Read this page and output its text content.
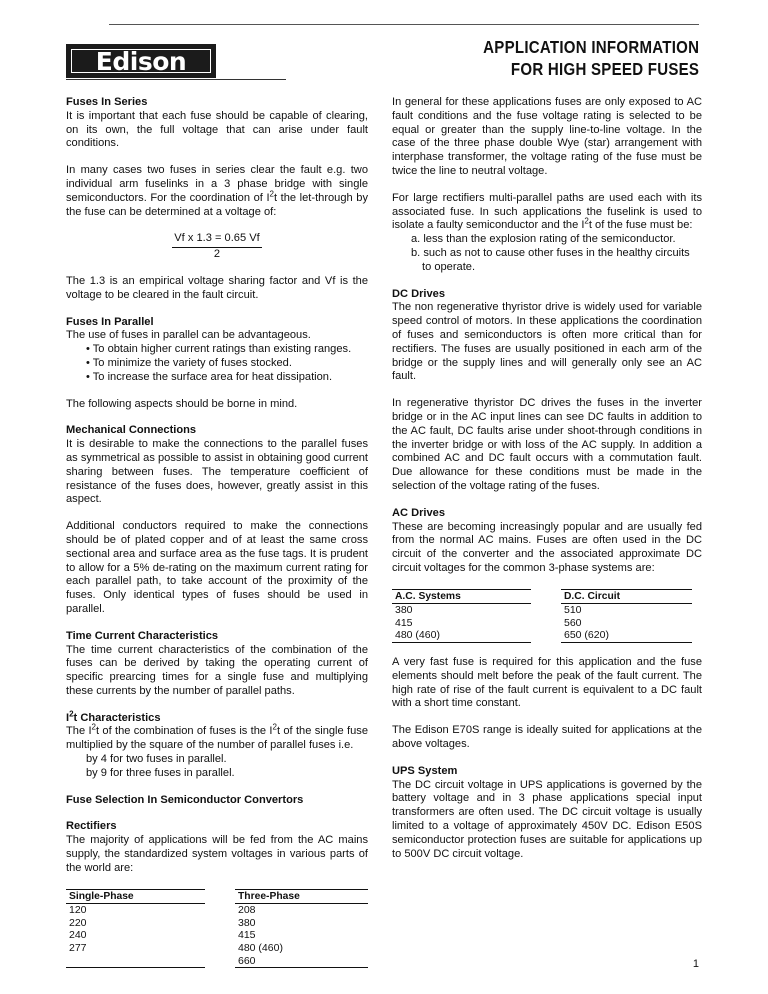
Edison	APPLICATION INFORMATION
FOR HIGH SPEED FUSES
Fuses In Series

It is important that each fuse should be capable of clearing, on its own, the full voltage that can arise under fault conditions.

In many cases two fuses in series clear the fault e.g. two individual arm fuselinks in a 3 phase bridge with single semiconductors. For the coordination of $I^2t$ the let-through by the fuse can be determined at a voltage of:

$\frac{\text{Vf x 1.3 = 0.65 Vf}}{2}$

The 1.3 is an empirical voltage sharing factor and Vf is the voltage to be cleared in the fault circuit.

Fuses In Parallel
The use of fuses in parallel can be advantageous.
• To obtain higher current ratings than existing ranges.
• To minimize the variety of fuses stocked.
• To increase the surface area for heat dissipation.

The following aspects should be borne in mind.

Mechanical Connections

It is desirable to make the connections to the parallel fuses as symmetrical as possible to assist in obtaining good current sharing between fuses. The temperature coefficient of resistance of the fuses does, however, greatly assist in this aspect.

Additional conductors required to make the connections should be of plated copper and of at least the same cross sectional area and surface area as the fuse tags. It is prudent to allow for a 5% de-rating on the maximum current rating for each parallel path, to take account of the proximity of the fuses. Only identical types of fuses should be used in parallel.

Time Current Characteristics

The time current characteristics of the combination of the fuses can be derived by taking the operating current of specific prearcing times for a single fuse and multiplying these currents by the number of parallel paths.

$I^2t$ Characteristics

The $I^2t$ of the combination of fuses is the $I^2t$ of the single fuse multiplied by the square of the number of parallel fuses i.e.

by 4 for two fuses in parallel.
by 9 for three fuses in parallel.
Fuse Selection In Semiconductor Convertors
Rectifiers

The majority of applications will be fed from the AC mains supply, the standardized system voltages in various parts of the world are:

Single-Phase		Three-Phase
120		208
220		380
240		415
277		480 (460)
		660

In general for these applications fuses are only exposed to AC fault conditions and the fuse voltage rating is selected to be equal or greater than the supply line-to-line voltage. In the case of the three phase double Wye (star) arrangement with interphase transformer, the voltage rating of the fuse must be twice the line to neutral voltage.

For large rectifiers multi-parallel paths are used each with its associated fuse. In such applications the fuselink is used to isolate a faulty semiconductor and the $I^2t$ of the fuse must be:

a. less than the explosion rating of the semiconductor.
b. such as not to cause other fuses in the healthy circuits to operate.
DC Drives

The non regenerative thyristor drive is widely used for variable speed control of motors. In these applications the coordination of fuses and semiconductors is often more critical than for rectifiers. The fuses are usually positioned in each arm of the bridge or the supply lines and will generally only see an AC fault.

In regenerative thyristor DC drives the fuses in the inverter bridge or in the AC input lines can see DC faults in addition to the AC fault, DC faults arise under shoot-through conditions in the inverter bridge or with loss of the AC supply. In addition a combined AC and DC fault occurs with a commutation fault. Due allowance for these conditions must be made in the selection of the voltage rating of the fuses.

AC Drives

These are becoming increasingly popular and are usually fed from the normal AC mains. Fuses are often used in the DC circuit of the converter and the associated approximate DC circuit voltages for the common 3-phase systems are:

A.C. Systems		D.C. Circuit
380		510
415		560
480 (460)		650 (620)

A very fast fuse is required for this application and the fuse elements should melt before the peak of the fault current. The high rate of rise of the fault current is equivalent to a DC fault with a short time constant.

The Edison E70S range is ideally suited for applications at the above voltages.

UPS System

The DC circuit voltage in UPS applications is governed by the battery voltage and in 3 phase applications special input transformers are often used. The DC circuit voltage is usually limited to a voltage of approximately 450V DC. Edison E50S semiconductor protection fuses are suitable for applications up to 500V DC circuit voltage.

1
